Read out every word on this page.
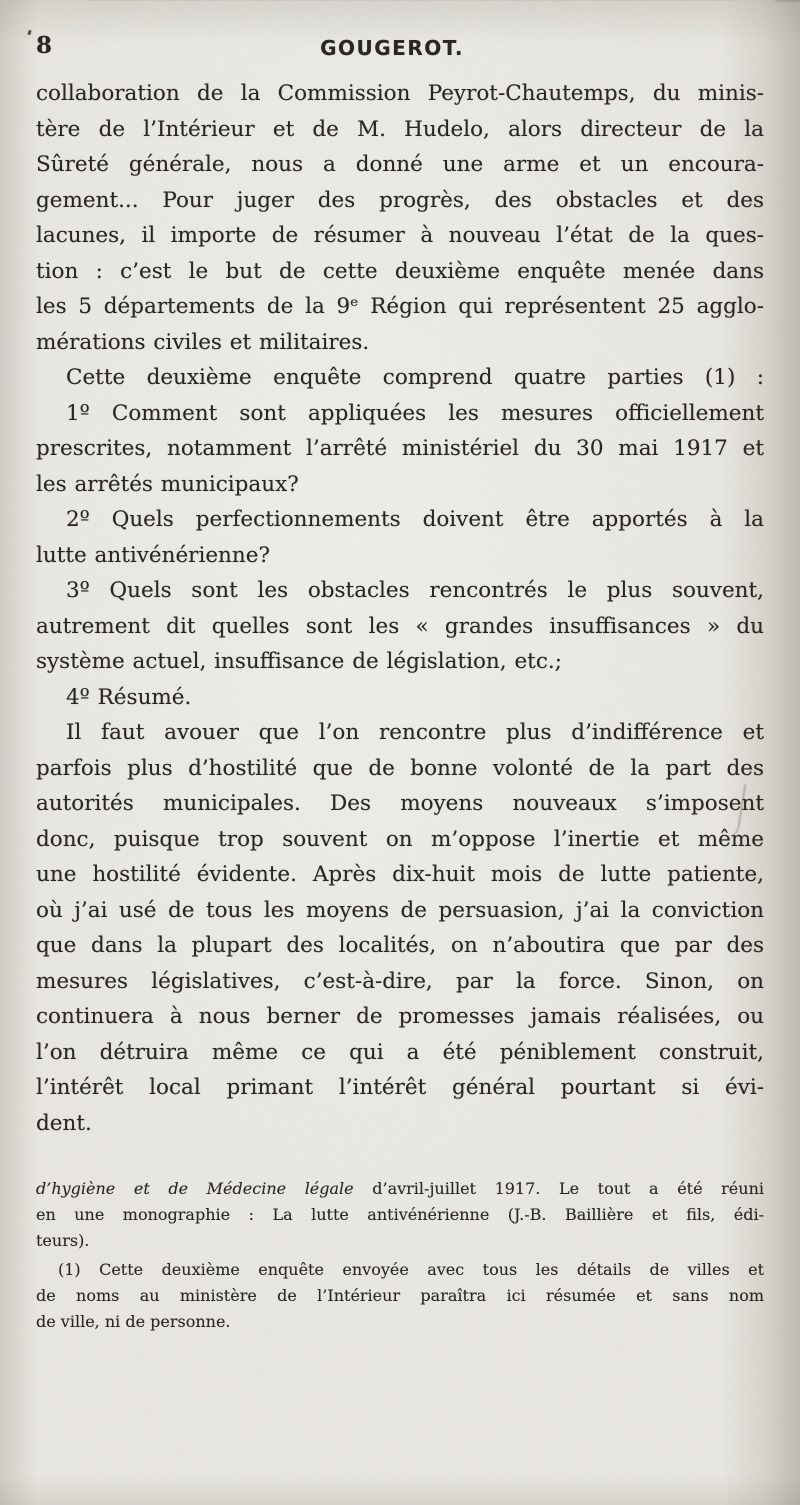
8	GOUGEROT.
collaboration de la Commission Peyrot-Chautemps, du minis-
tère de l’Intérieur et de M. Hudelo, alors directeur de la
Sûreté générale, nous a donné une arme et un encoura-
gement... Pour juger des progrès, des obstacles et des
lacunes, il importe de résumer à nouveau l’état de la ques-
tion : c’est le but de cette deuxième enquête menée dans
les 5 départements de la 9ᵉ Région qui représentent 25 agglo-
mérations civiles et militaires.
Cette deuxième enquête comprend quatre parties (1) :
1º Comment sont appliquées les mesures officiellement
prescrites, notamment l’arrêté ministériel du 30 mai 1917 et
les arrêtés municipaux?
2º Quels perfectionnements doivent être apportés à la
lutte antivénérienne?
3º Quels sont les obstacles rencontrés le plus souvent,
autrement dit quelles sont les « grandes insuffisances » du
système actuel, insuffisance de législation, etc.;
4º Résumé.
Il faut avouer que l’on rencontre plus d’indifférence et
parfois plus d’hostilité que de bonne volonté de la part des
autorités municipales. Des moyens nouveaux s’imposent
donc, puisque trop souvent on m’oppose l’inertie et même
une hostilité évidente. Après dix-huit mois de lutte patiente,
où j’ai usé de tous les moyens de persuasion, j’ai la conviction
que dans la plupart des localités, on n’aboutira que par des
mesures législatives, c’est-à-dire, par la force. Sinon, on
continuera à nous berner de promesses jamais réalisées, ou
l’on détruira même ce qui a été péniblement construit,
l’intérêt local primant l’intérêt général pourtant si évi-
dent.
d’hygiène et de Médecine légale d’avril-juillet 1917. Le tout a été réuni
en une monographie : La lutte antivénérienne (J.-B. Baillière et fils, édi-
teurs).
(1) Cette deuxième enquête envoyée avec tous les détails de villes et
de noms au ministère de l’Intérieur paraîtra ici résumée et sans nom
de ville, ni de personne.
